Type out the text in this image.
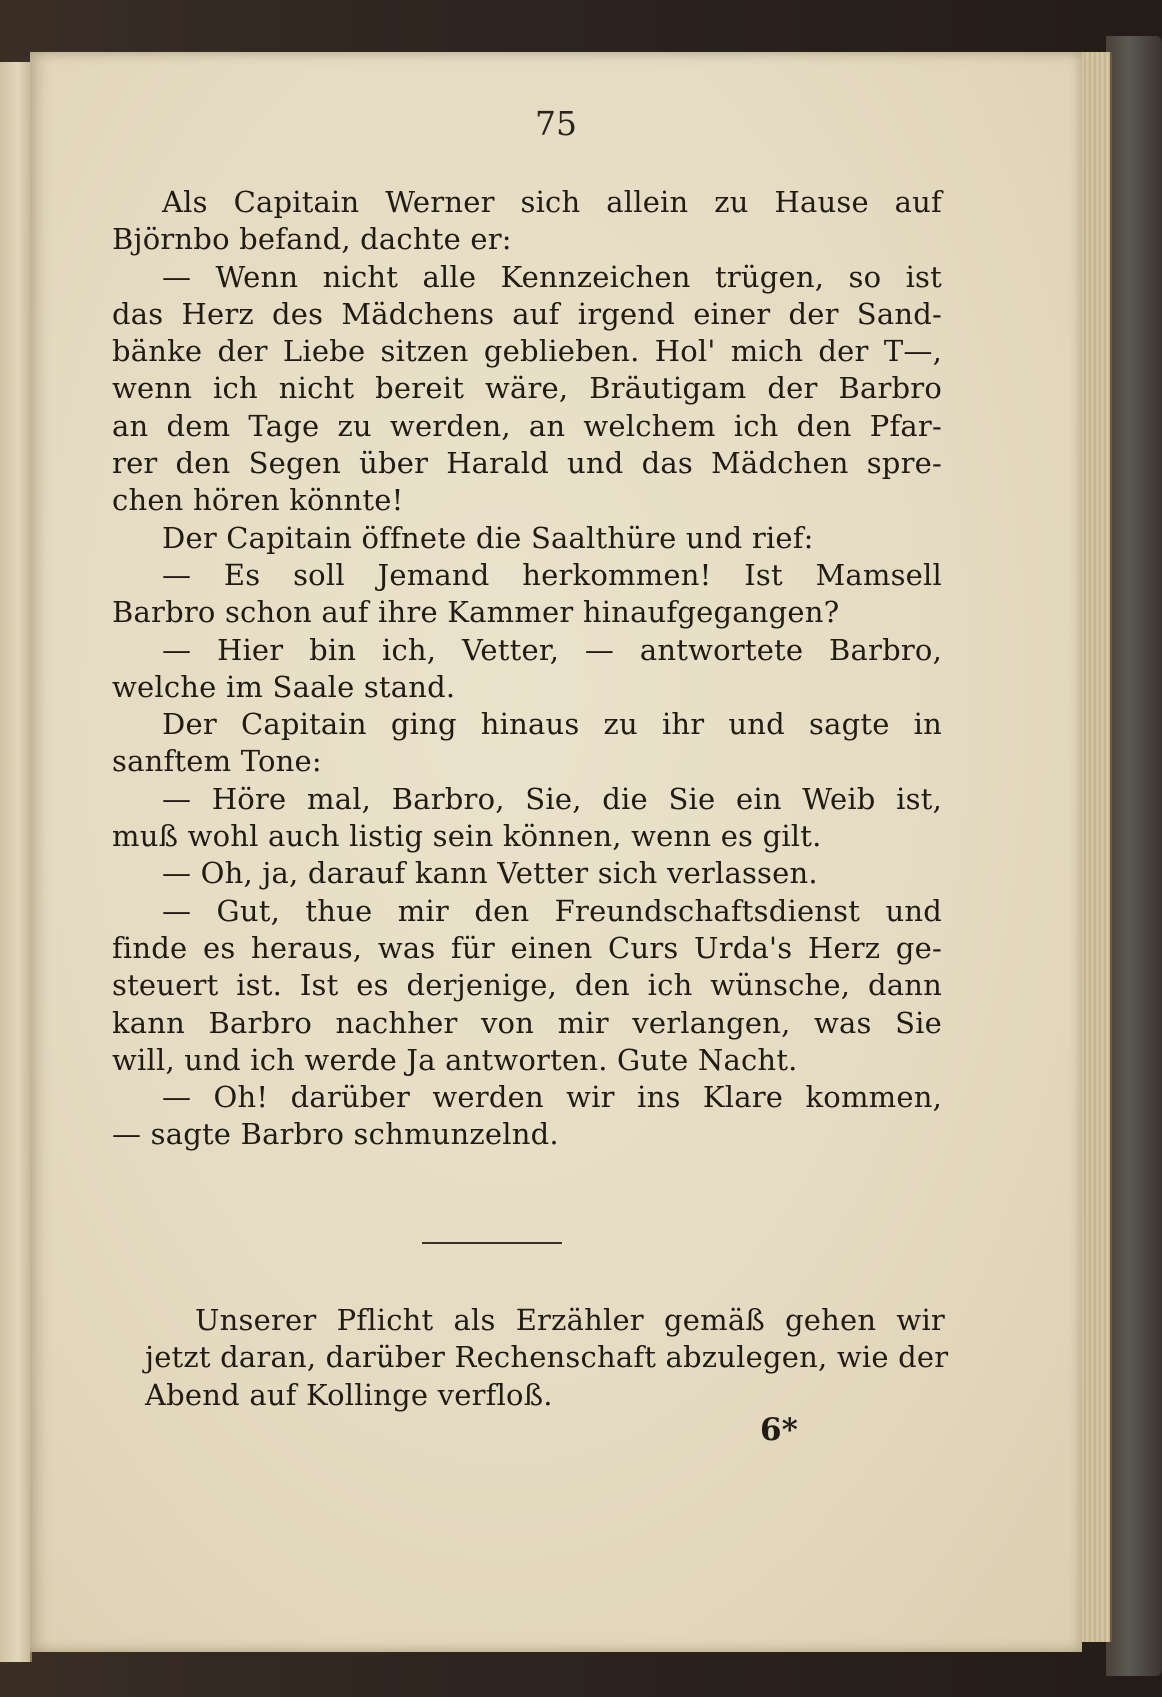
75
Als Capitain Werner sich allein zu Hause auf
Björnbo befand, dachte er:
— Wenn nicht alle Kennzeichen trügen, so ist
das Herz des Mädchens auf irgend einer der Sand-
bänke der Liebe sitzen geblieben. Hol' mich der T—,
wenn ich nicht bereit wäre, Bräutigam der Barbro
an dem Tage zu werden, an welchem ich den Pfar-
rer den Segen über Harald und das Mädchen spre-
chen hören könnte!
Der Capitain öffnete die Saalthüre und rief:
— Es soll Jemand herkommen! Ist Mamsell
Barbro schon auf ihre Kammer hinaufgegangen?
— Hier bin ich, Vetter, — antwortete Barbro,
welche im Saale stand.
Der Capitain ging hinaus zu ihr und sagte in
sanftem Tone:
— Höre mal, Barbro, Sie, die Sie ein Weib ist,
muß wohl auch listig sein können, wenn es gilt.
— Oh, ja, darauf kann Vetter sich verlassen.
— Gut, thue mir den Freundschaftsdienst und
finde es heraus, was für einen Curs Urda's Herz ge-
steuert ist. Ist es derjenige, den ich wünsche, dann
kann Barbro nachher von mir verlangen, was Sie
will, und ich werde Ja antworten. Gute Nacht.
— Oh! darüber werden wir ins Klare kommen,
— sagte Barbro schmunzelnd.
Unserer Pflicht als Erzähler gemäß gehen wir
jetzt daran, darüber Rechenschaft abzulegen, wie der
Abend auf Kollinge verfloß.
6*
